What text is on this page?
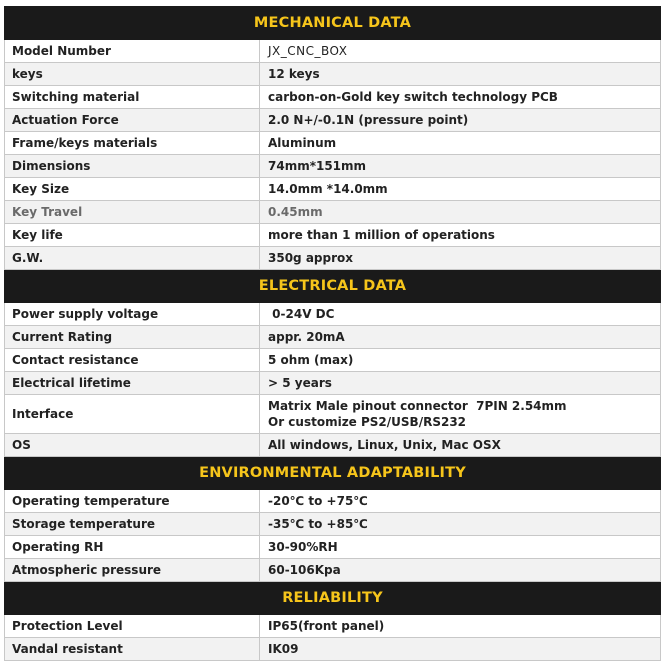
MECHANICAL DATA	
Model Number	JX_CNC_BOX
keys	12 keys
Switching material	carbon-on-Gold key switch technology PCB
Actuation Force	2.0 N+/-0.1N (pressure point)
Frame/keys materials	Aluminum
Dimensions	74mm*151mm
Key Size	14.0mm *14.0mm
Key Travel	0.45mm
Key life	more than 1 million of operations
G.W.	350g approx
ELECTRICAL DATA	
Power supply voltage	0-24V DC
Current Rating	appr. 20mA
Contact resistance	5 ohm (max)
Electrical lifetime	> 5 years
Interface	Matrix Male pinout connector  7PIN 2.54mm
Or customize PS2/USB/RS232

OS	All windows, Linux, Unix, Mac OSX
ENVIRONMENTAL ADAPTABILITY	
Operating temperature	-20℃ to +75℃
Storage temperature	-35℃ to +85℃
Operating RH	30-90%RH
Atmospheric pressure	60-106Kpa
RELIABILITY	
Protection Level	IP65(front panel)
Vandal resistant	IK09
